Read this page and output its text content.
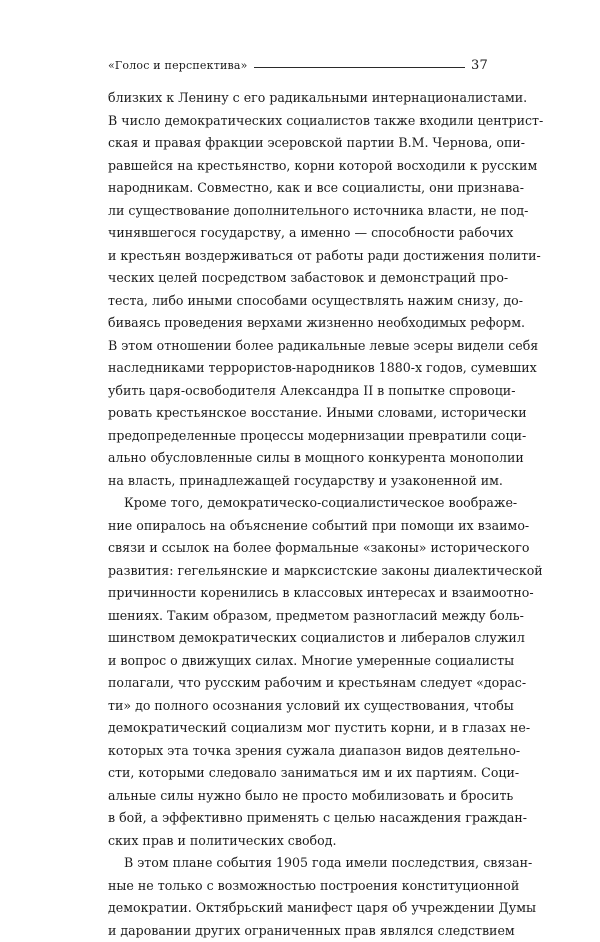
«Голос и перспектива»	37
близких к Ленину с его радикальными интернационалистами.
В число демократических социалистов также входили центрист-
ская и правая фракции эсеровской партии В.М. Чернова, опи-
равшейся на крестьянство, корни которой восходили к русским
народникам. Совместно, как и все социалисты, они признава-
ли существование дополнительного источника власти, не под-
чинявшегося государству, а именно — способности рабочих
и крестьян воздерживаться от работы ради достижения полити-
ческих целей посредством забастовок и демонстраций про-
теста, либо иными способами осуществлять нажим снизу, до-
биваясь проведения верхами жизненно необходимых реформ.
В этом отношении более радикальные левые эсеры видели себя
наследниками террористов-народников 1880-х годов, сумевших
убить царя-освободителя Александра II в попытке спровоци-
ровать крестьянское восстание. Иными словами, исторически
предопределенные процессы модернизации превратили соци-
ально обусловленные силы в мощного конкурента монополии
на власть, принадлежащей государству и узаконенной им.
Кроме того, демократическо-социалистическое воображе-
ние опиралось на объяснение событий при помощи их взаимо-
связи и ссылок на более формальные «законы» исторического
развития: гегельянские и марксистские законы диалектической
причинности коренились в классовых интересах и взаимоотно-
шениях. Таким образом, предметом разногласий между боль-
шинством демократических социалистов и либералов служил
и вопрос о движущих силах. Многие умеренные социалисты
полагали, что русским рабочим и крестьянам следует «дорас-
ти» до полного осознания условий их существования, чтобы
демократический социализм мог пустить корни, и в глазах не-
которых эта точка зрения сужала диапазон видов деятельно-
сти, которыми следовало заниматься им и их партиям. Соци-
альные силы нужно было не просто мобилизовать и бросить
в бой, а эффективно применять с целью насаждения граждан-
ских прав и политических свобод.
В этом плане события 1905 года имели последствия, связан-
ные не только с возможностью построения конституционной
демократии. Октябрьский манифест царя об учреждении Думы
и даровании других ограниченных прав являлся следствием
